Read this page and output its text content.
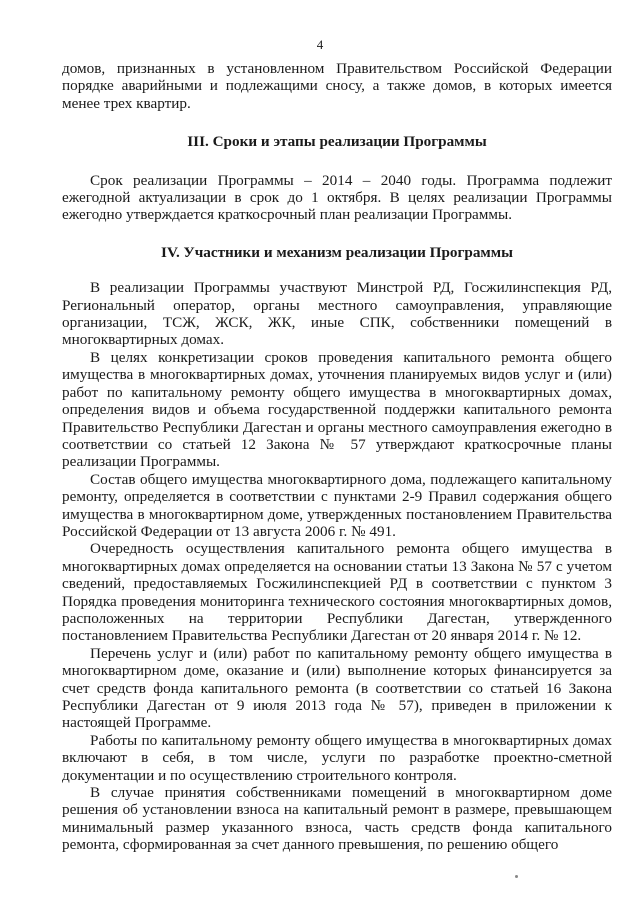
4

домов, признанных в установленном Правительством Российской Федерации порядке аварийными и подлежащими сносу, а также домов, в которых имеется менее трех квартир.

III. Сроки и этапы реализации Программы

Срок реализации Программы – 2014 – 2040 годы. Программа подлежит ежегодной актуализации в срок до 1 октября. В целях реализации Программы ежегодно утверждается краткосрочный план реализации Программы.

IV. Участники и механизм реализации Программы

В реализации Программы участвуют Минстрой РД, Госжилинспекция РД, Региональный оператор, органы местного самоуправления, управляющие организации, ТСЖ, ЖСК, ЖК, иные СПК, собственники помещений в многоквартирных домах.

В целях конкретизации сроков проведения капитального ремонта общего имущества в многоквартирных домах, уточнения планируемых видов услуг и (или) работ по капитальному ремонту общего имущества в многоквартирных домах, определения видов и объема государственной поддержки капитального ремонта Правительство Республики Дагестан и органы местного самоуправления ежегодно в соответствии со статьей 12 Закона № 57 утверждают краткосрочные планы реализации Программы.

Состав общего имущества многоквартирного дома, подлежащего капитальному ремонту, определяется в соответствии с пунктами 2-9 Правил содержания общего имущества в многоквартирном доме, утвержденных постановлением Правительства Российской Федерации от 13 августа 2006 г. № 491.

Очередность осуществления капитального ремонта общего имущества в многоквартирных домах определяется на основании статьи 13 Закона № 57 с учетом сведений, предоставляемых Госжилинспекцией РД в соответствии с пунктом 3 Порядка проведения мониторинга технического состояния многоквартирных домов, расположенных на территории Республики Дагестан, утвержденного постановлением Правительства Республики Дагестан от 20 января 2014 г. № 12.

Перечень услуг и (или) работ по капитальному ремонту общего имущества в многоквартирном доме, оказание и (или) выполнение которых финансируется за счет средств фонда капитального ремонта (в соответствии со статьей 16 Закона Республики Дагестан от 9 июля 2013 года № 57), приведен в приложении к настоящей Программе.

Работы по капитальному ремонту общего имущества в многоквартирных домах включают в себя, в том числе, услуги по разработке проектно-сметной документации и по осуществлению строительного контроля.

В случае принятия собственниками помещений в многоквартирном доме решения об установлении взноса на капитальный ремонт в размере, превышающем минимальный размер указанного взноса, часть средств фонда капитального ремонта, сформированная за счет данного превышения, по решению общего
